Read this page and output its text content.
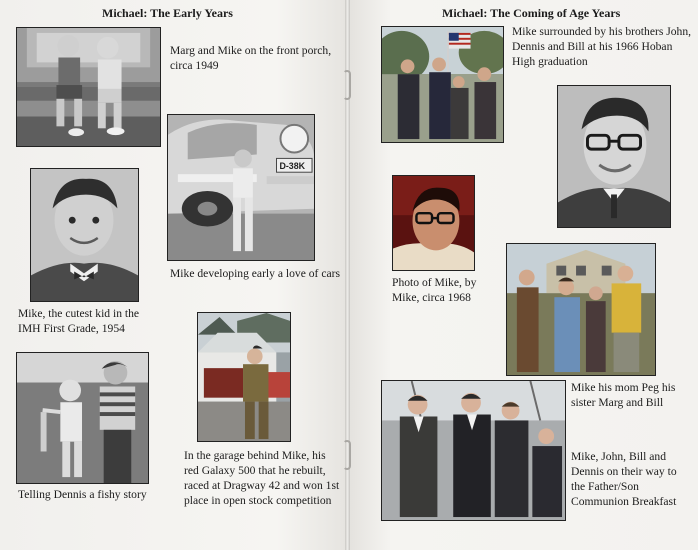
Michael: The Early Years
Marg and Mike on the front porch, circa 1949
D-38K
Mike developing early a love of cars
Mike, the cutest kid in the IMH First Grade, 1954
Telling Dennis a fishy story
In the garage behind Mike, his red Galaxy 500 that he rebuilt, raced at Dragway 42 and won 1st place in open stock competition
Michael: The Coming of Age Years
Mike surrounded by his brothers John, Dennis and Bill at his 1966 Hoban High graduation
Photo of Mike, by Mike, circa 1968
Mike his mom Peg his sister Marg and Bill
Mike, John, Bill and Dennis on their way to the Father/Son Communion Breakfast
